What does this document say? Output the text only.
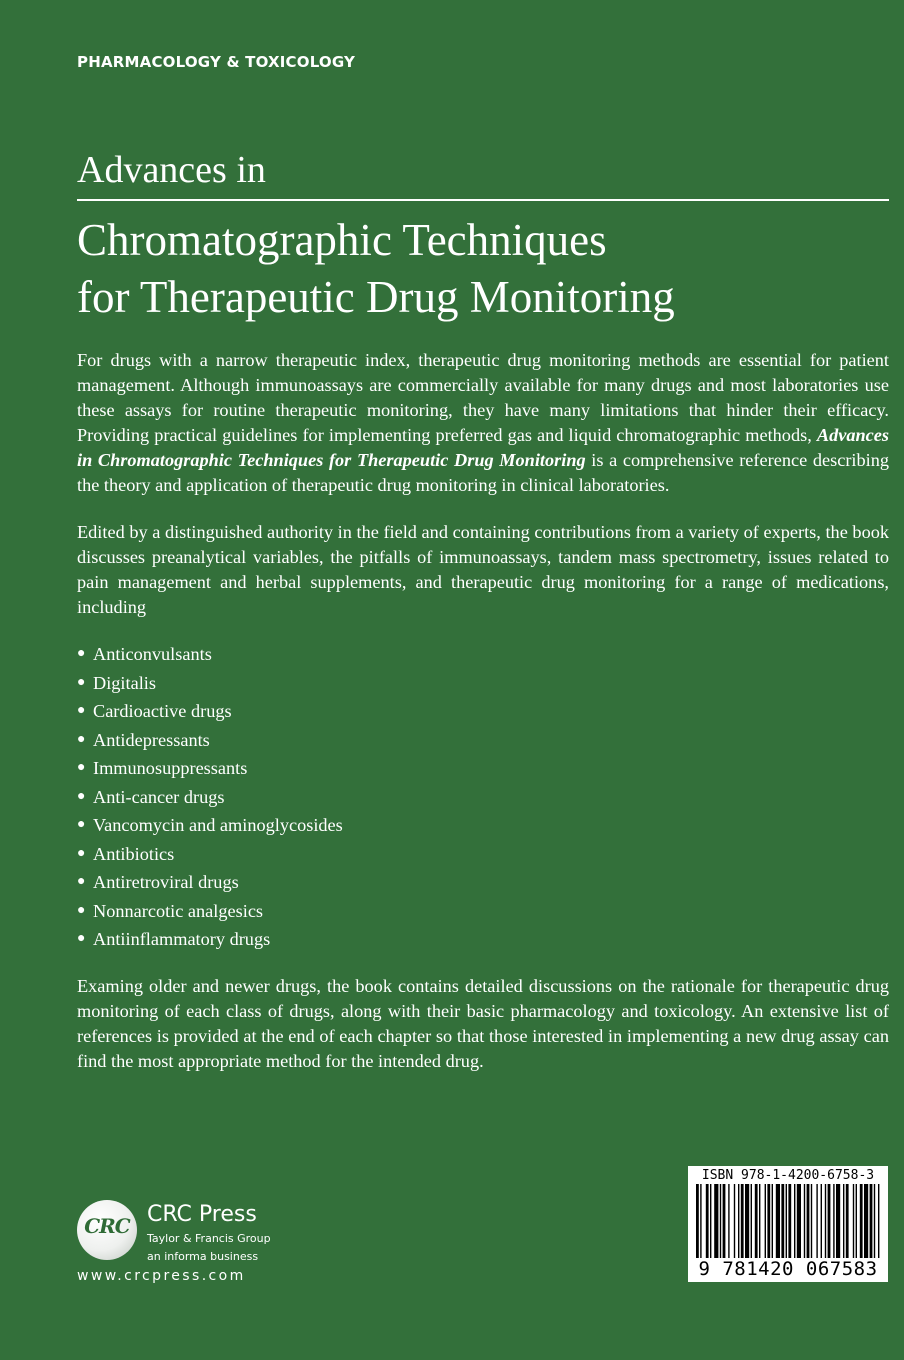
PHARMACOLOGY & TOXICOLOGY
Advances in
Chromatographic Techniques
for Therapeutic Drug Monitoring

For drugs with a narrow therapeutic index, therapeutic drug monitoring methods are essential for patient management. Although immunoassays are commercially available for many drugs and most laboratories use these assays for routine therapeutic monitoring, they have many limitations that hinder their efficacy. Providing practical guidelines for implementing preferred gas and liquid chromatographic methods, Advances in Chromatographic Techniques for Therapeutic Drug Monitoring is a comprehensive reference describing the theory and application of therapeutic drug monitoring in clinical laboratories.

Edited by a distinguished authority in the field and containing contributions from a variety of experts, the book discusses preanalytical variables, the pitfalls of immunoassays, tandem mass spectrometry, issues related to pain management and herbal supplements, and therapeutic drug monitoring for a range of medications, including

● Anticonvulsants
● Digitalis
● Cardioactive drugs
● Antidepressants
● Immunosuppressants
● Anti-cancer drugs
● Vancomycin and aminoglycosides
● Antibiotics
● Antiretroviral drugs
● Nonnarcotic analgesics
● Antiinflammatory drugs

Examing older and newer drugs, the book contains detailed discussions on the rationale for therapeutic drug monitoring of each class of drugs, along with their basic pharmacology and toxicology. An extensive list of references is provided at the end of each chapter so that those interested in implementing a new drug assay can find the most appropriate method for the intended drug.

CRC CRC Press
Taylor & Francis Group
an informa business
www.crcpress.com
ISBN 978-1-4200-6758-3
9 781420 067583
